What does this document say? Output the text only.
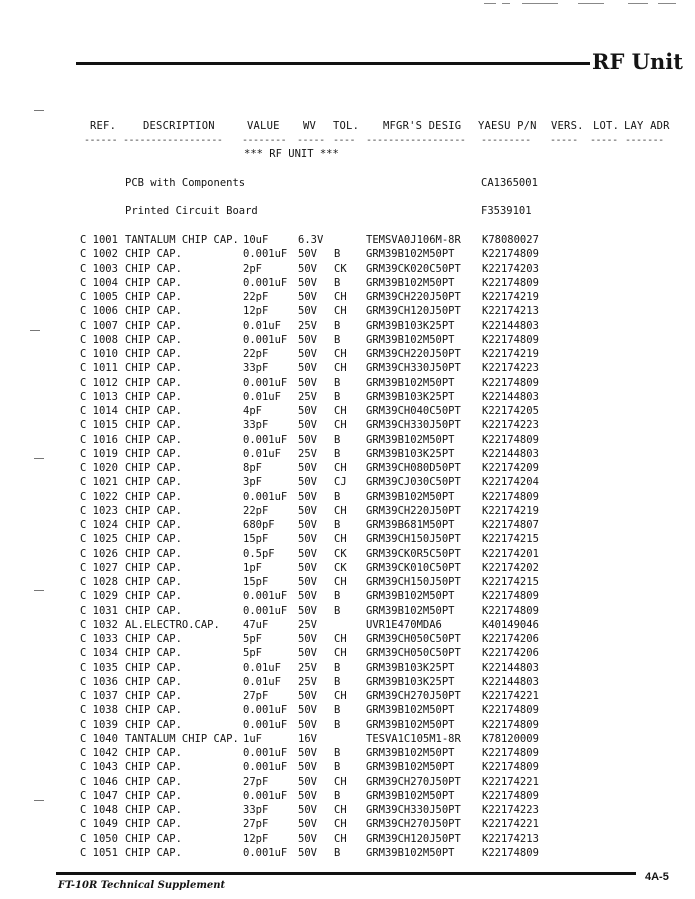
RF Unit
REF.	DESCRIPTION	VALUE WV TOL. MFGR'S DESIG YAESU P/N VERS. LOT. LAY ADR
------ ------------------ -------- ----- ---- ------------------ --------- ----- ----- -------
*** RF UNIT ***
PCB with Components	CA1365001
Printed Circuit Board	F3539101
C 1001 TANTALUM CHIP CAP. 10uF	6.3V	TEMSVA0J106M-8R K78080027
C 1002 CHIP CAP.	0.001uF 50V B GRM39B102M50PT	K22174809
C 1003 CHIP CAP.	2pF	50V CK GRM39CK020C50PT K22174203
C 1004 CHIP CAP.	0.001uF 50V B GRM39B102M50PT	K22174809
C 1005 CHIP CAP.	22pF	50V CH GRM39CH220J50PT K22174219
C 1006 CHIP CAP.	12pF	50V CH GRM39CH120J50PT K22174213
C 1007 CHIP CAP.	0.01uF 25V B GRM39B103K25PT	K22144803
C 1008 CHIP CAP.	0.001uF 50V B GRM39B102M50PT	K22174809
C 1010 CHIP CAP.	22pF	50V CH GRM39CH220J50PT K22174219
C 1011 CHIP CAP.	33pF	50V CH GRM39CH330J50PT K22174223
C 1012 CHIP CAP.	0.001uF 50V B GRM39B102M50PT	K22174809
C 1013 CHIP CAP.	0.01uF 25V B GRM39B103K25PT	K22144803
C 1014 CHIP CAP.	4pF	50V CH GRM39CH040C50PT K22174205
C 1015 CHIP CAP.	33pF	50V CH GRM39CH330J50PT K22174223
C 1016 CHIP CAP.	0.001uF 50V B GRM39B102M50PT	K22174809
C 1019 CHIP CAP.	0.01uF 25V B GRM39B103K25PT	K22144803
C 1020 CHIP CAP.	8pF	50V CH GRM39CH080D50PT K22174209
C 1021 CHIP CAP.	3pF	50V CJ GRM39CJ030C50PT K22174204
C 1022 CHIP CAP.	0.001uF 50V B GRM39B102M50PT	K22174809
C 1023 CHIP CAP.	22pF	50V CH GRM39CH220J50PT K22174219
C 1024 CHIP CAP.	680pF 50V B GRM39B681M50PT	K22174807
C 1025 CHIP CAP.	15pF	50V CH GRM39CH150J50PT K22174215
C 1026 CHIP CAP.	0.5pF 50V CK GRM39CK0R5C50PT K22174201
C 1027 CHIP CAP.	1pF	50V CK GRM39CK010C50PT K22174202
C 1028 CHIP CAP.	15pF	50V CH GRM39CH150J50PT K22174215
C 1029 CHIP CAP.	0.001uF 50V B GRM39B102M50PT	K22174809
C 1031 CHIP CAP.	0.001uF 50V B GRM39B102M50PT	K22174809
C 1032 AL.ELECTRO.CAP. 47uF	25V	UVR1E470MDA6	K40149046
C 1033 CHIP CAP.	5pF	50V CH GRM39CH050C50PT K22174206
C 1034 CHIP CAP.	5pF	50V CH GRM39CH050C50PT K22174206
C 1035 CHIP CAP.	0.01uF 25V B GRM39B103K25PT	K22144803
C 1036 CHIP CAP.	0.01uF 25V B GRM39B103K25PT	K22144803
C 1037 CHIP CAP.	27pF	50V CH GRM39CH270J50PT K22174221
C 1038 CHIP CAP.	0.001uF 50V B GRM39B102M50PT	K22174809
C 1039 CHIP CAP.	0.001uF 50V B GRM39B102M50PT	K22174809
C 1040 TANTALUM CHIP CAP. 1uF	16V	TESVA1C105M1-8R K78120009
C 1042 CHIP CAP.	0.001uF 50V B GRM39B102M50PT	K22174809
C 1043 CHIP CAP.	0.001uF 50V B GRM39B102M50PT	K22174809
C 1046 CHIP CAP.	27pF	50V CH GRM39CH270J50PT K22174221
C 1047 CHIP CAP.	0.001uF 50V B GRM39B102M50PT	K22174809
C 1048 CHIP CAP.	33pF	50V CH GRM39CH330J50PT K22174223
C 1049 CHIP CAP.	27pF	50V CH GRM39CH270J50PT K22174221
C 1050 CHIP CAP.	12pF	50V CH GRM39CH120J50PT K22174213
C 1051 CHIP CAP.	0.001uF 50V B GRM39B102M50PT	K22174809
FT-10R Technical Supplement
4A-5
